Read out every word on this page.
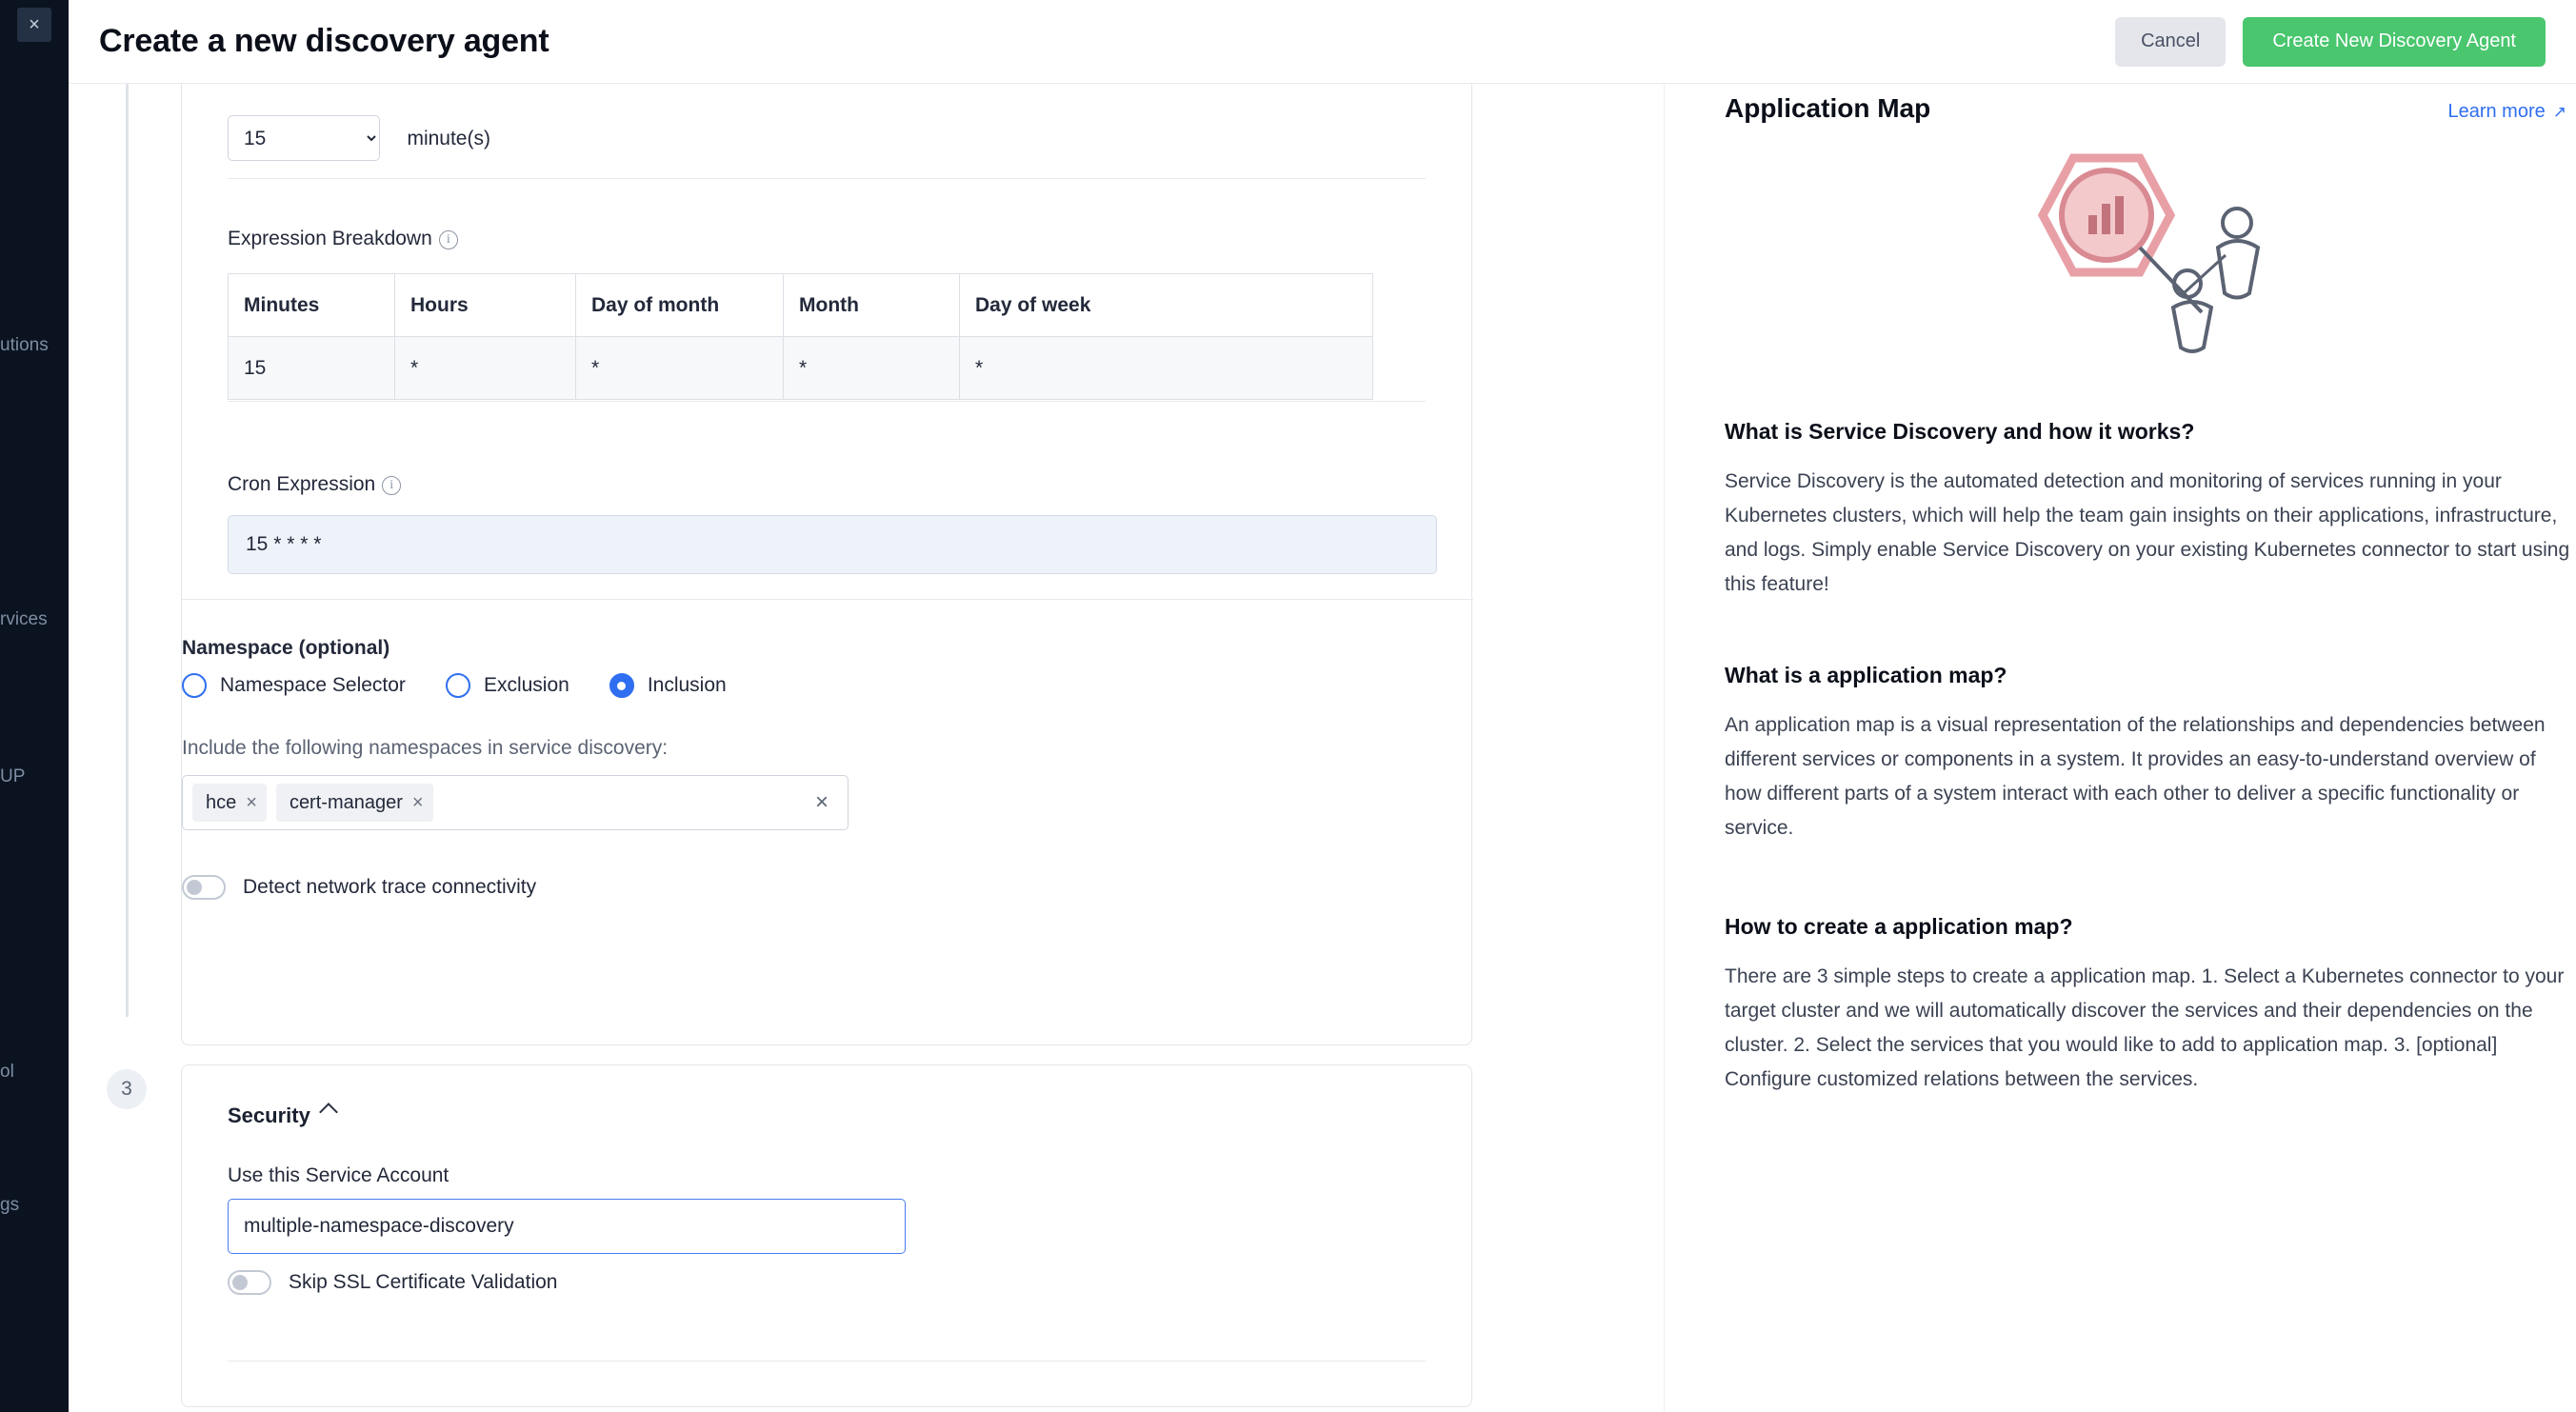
×
utions
rvices
UP
ol
gs
Create a new discovery agent	Cancel	Create New Discovery Agent
15 minute(s)
Expression Breakdown i
Minutes	Hours	Day of month	Month	Day of week
15	*	*	*	*
Cron Expression i
15 * * * *
Namespace (optional)
Namespace Selector	Exclusion	Inclusion
Include the following namespaces in service discovery:
hce × cert-manager ×	×
Detect network trace connectivity
3
Security
Use this Service Account
multiple-namespace-discovery
Skip SSL Certificate Validation
Application Map	Learn more ↗
What is Service Discovery and how it works?
Service Discovery is the automated detection and monitoring of services running in your Kubernetes clusters, which will help the team gain insights on their applications, infrastructure, and logs. Simply enable Service Discovery on your existing Kubernetes connector to start using this feature!
What is a application map?
An application map is a visual representation of the relationships and dependencies between different services or components in a system. It provides an easy-to-understand overview of how different parts of a system interact with each other to deliver a specific functionality or service.
How to create a application map?
There are 3 simple steps to create a application map. 1. Select a Kubernetes connector to your target cluster and we will automatically discover the services and their dependencies on the cluster. 2. Select the services that you would like to add to application map. 3. [optional] Configure customized relations between the services.
